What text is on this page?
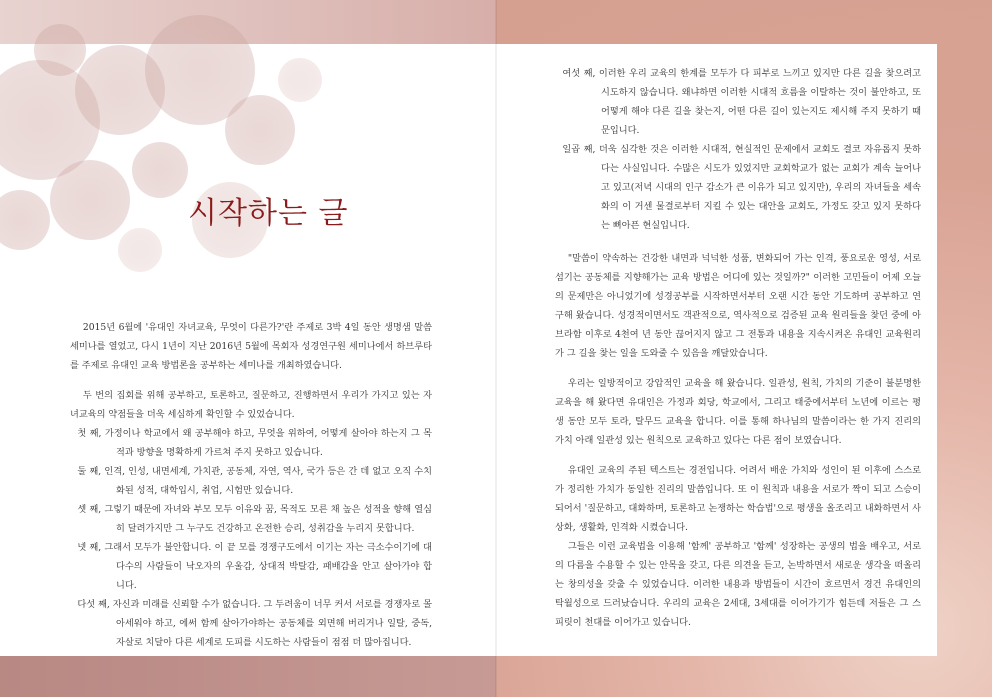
시작하는 글

2015년 6월에 '유대인 자녀교육, 무엇이 다른가?'란 주제로 3박 4일 동안 생명샘 말씀세미나를 열었고, 다시 1년이 지난 2016년 5월에 목회자 성경연구원 세미나에서 하브루타를 주제로 유대인 교육 방법론을 공부하는 세미나를 개최하였습니다.

두 번의 집회를 위해 공부하고, 토론하고, 질문하고, 진행하면서 우리가 가지고 있는 자녀교육의 약점들을 더욱 세심하게 확인할 수 있었습니다.

첫 째, 가정이나 학교에서 왜 공부해야 하고, 무엇을 위하여, 어떻게 살아야 하는지 그 목적과 방향을 명확하게 가르쳐 주지 못하고 있습니다.

둘 째, 인격, 인성, 내면세계, 가치관, 공동체, 자연, 역사, 국가 등은 간 데 없고 오직 수치화된 성적, 대학입시, 취업, 시험만 있습니다.

셋 째, 그렇기 때문에 자녀와 부모 모두 이유와 꿈, 목적도 모른 채 높은 성적을 향해 열심히 달려가지만 그 누구도 건강하고 온전한 승리, 성취감을 누리지 못합니다.

넷 째, 그래서 모두가 불안합니다. 이 끝 모를 경쟁구도에서 이기는 자는 극소수이기에 대다수의 사람들이 낙오자의 우울감, 상대적 박탈감, 패배감을 안고 살아가야 합니다.

다섯 째, 자신과 미래를 신뢰할 수가 없습니다. 그 두려움이 너무 커서 서로를 경쟁자로 몰아세워야 하고, 에써 함께 살아가야하는 공동체를 외면해 버리거나 일탈, 중독, 자살로 치달아 다른 세계로 도피를 시도하는 사람들이 점점 더 많아집니다.

여섯 째, 이러한 우리 교육의 한계를 모두가 다 피부로 느끼고 있지만 다른 길을 찾으려고 시도하지 않습니다. 왜냐하면 이러한 시대적 흐름을 이탈하는 것이 불안하고, 또 어떻게 해야 다른 길을 찾는지, 어떤 다른 길이 있는지도 제시해 주지 못하기 때문입니다.

일곱 째, 더욱 심각한 것은 이러한 시대적, 현실적인 문제에서 교회도 결코 자유롭지 못하다는 사실입니다. 수많은 시도가 있었지만 교회학교가 없는 교회가 계속 늘어나고 있고(저녁 시대의 인구 감소가 큰 이유가 되고 있지만), 우리의 자녀들을 세속화의 이 거센 물결로부터 지킬 수 있는 대안을 교회도, 가정도 갖고 있지 못하다는 뼈아픈 현실입니다.

"말씀이 약속하는 건강한 내면과 넉넉한 성품, 변화되어 가는 인격, 풍요로운 영성, 서로 섬기는 공동체를 지향해가는 교육 방법은 어디에 있는 것일까?" 이러한 고민들이 어제 오늘의 문제만은 아니었기에 성경공부를 시작하면서부터 오랜 시간 동안 기도하며 공부하고 연구해 왔습니다. 성경적이면서도 객관적으로, 역사적으로 검증된 교육 원리들을 찾던 중에 아브라함 이후로 4천여 년 동안 끊어지지 않고 그 전통과 내용을 지속시켜온 유대인 교육원리가 그 길을 찾는 일을 도와줄 수 있음을 깨달았습니다.

우리는 일방적이고 강압적인 교육을 해 왔습니다. 일관성, 원칙, 가치의 기준이 불분명한 교육을 해 왔다면 유대인은 가정과 회당, 학교에서, 그리고 태중에서부터 노년에 이르는 평생 동안 모두 토라, 탈무드 교육을 합니다. 이를 통해 하나님의 말씀이라는 한 가지 진리의 가치 아래 일관성 있는 원칙으로 교육하고 있다는 다른 점이 보였습니다.

유대인 교육의 주된 텍스트는 경전입니다. 어려서 배운 가치와 성인이 된 이후에 스스로가 정리한 가치가 동일한 진리의 말씀입니다. 또 이 원칙과 내용을 서로가 짝이 되고 스승이 되어서 '질문하고, 대화하며, 토론하고 논쟁하는 학습법'으로 평생을 올조리고 내화하면서 사상화, 생활화, 인격화 시켰습니다.

그들은 이런 교육법을 이용해 '함께' 공부하고 '함께' 성장하는 공생의 법을 배우고, 서로의 다름을 수용할 수 있는 안목을 갖고, 다른 의견을 듣고, 논박하면서 새로운 생각을 떠올리는 창의성을 갖출 수 있었습니다. 이러한 내용과 방법들이 시간이 흐르면서 경건 유대인의 탁월성으로 드러났습니다. 우리의 교육은 2세대, 3세대를 이어가기가 힘든데 저들은 그 스피릿이 천대를 이어가고 있습니다.
